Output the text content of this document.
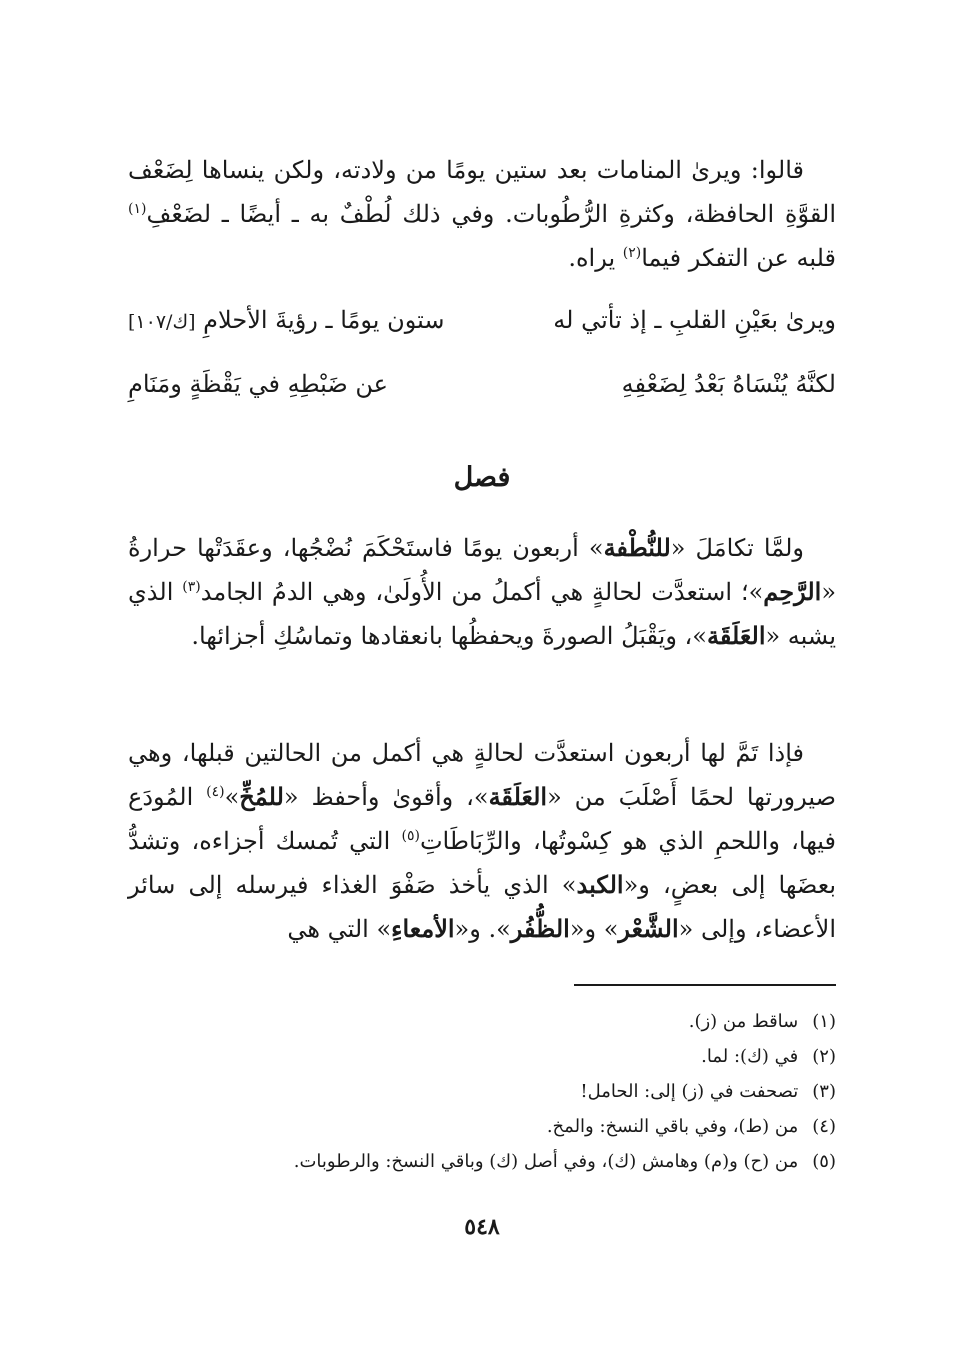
قالوا: ويرىٰ المنامات بعد ستين يومًا من ولادته، ولكن ينساها لِضَعْف القوَّةِ الحافظة، وكثرةِ الرُّطُوبات. وفي ذلك لُطْفٌ به ـ أيضًا ـ لضَعْفِ$^{(١)}$ قلبه عن التفكر فيما$^{(٢)}$ يراه.

ويرىٰ بعَيْنِ القلبِ ـ إذ تأتي له
ستون يومًا ـ رؤيةَ الأحلامِ [ك/١٠٧]
لكنَّهُ يُنْسَاهُ بَعْدُ لِضَعْفِهِ
عن ضَبْطِهِ في يَقْظَةٍ ومَنَامِ
فصل

ولمَّا تكامَلَ «للنُّطْفة» أربعون يومًا فاستَحْكَمَ نُضْجُها، وعقَدَتْها حرارةُ «الرَّحِم»؛ استعدَّت لحالةٍ هي أكملُ من الأُولَىٰ، وهي الدمُ الجامد$^{(٣)}$ الذي يشبه «العَلَقَة»، ويَقْبَلُ الصورةَ ويحفظُها بانعقادها وتماسُكِ أجزائها.

فإذا تَمَّ لها أربعون استعدَّت لحالةٍ هي أكمل من الحالتين قبلها، وهي صيرورتها لحمًا أَصْلَبَ من «العَلَقَة»، وأقوىٰ وأحفظ «للمُخِّ»$^{(٤)}$ المُودَع فيها، واللحمِ الذي هو كِسْوتُها، والرِّبَاطَاتِ$^{(٥)}$ التي تُمسك أجزاءه، وتشدُّ بعضَها إلى بعضٍ، و«الكبد» الذي يأخذ صَفْوَ الغذاء فيرسله إلى سائر الأعضاء، وإلى «الشَّعْر» و«الظُّفُر». و«الأمعاءِ» التي هي

(١)
ساقط من (ز).
(٢)
في (ك): لما.
(٣)
تصحفت في (ز) إلى: الحامل!
(٤)
من (ط)، وفي باقي النسخ: والمخ.
(٥)
من (ح) و(م) وهامش (ك)، وفي أصل (ك) وباقي النسخ: والرطوبات.
٥٤٨
